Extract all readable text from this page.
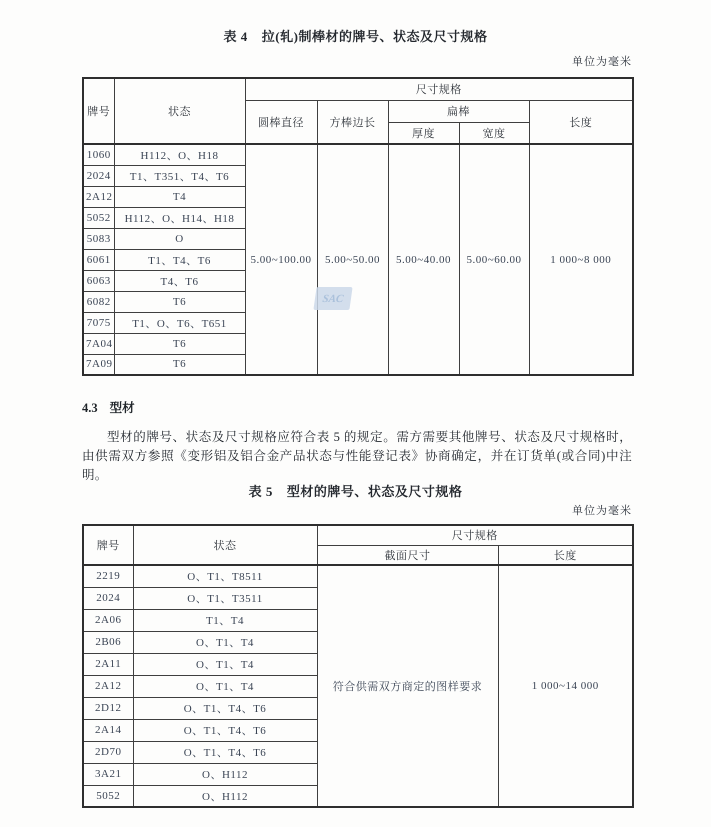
表 4 拉(轧)制棒材的牌号、状态及尺寸规格
单位为毫米
牌号	状态	尺寸规格				
		圆棒直径	方棒边长	扁棒		长度
				厚度	宽度	
1060	H112、O、H18	5.00~100.00	5.00~50.00	5.00~40.00	5.00~60.00	1 000~8 000
2024	T1、T351、T4、T6					
2A12	T4					
5052	H112、O、H14、H18					
5083	O					
6061	T1、T4、T6					
6063	T4、T6					
6082	T6					
7075	T1、O、T6、T651					
7A04	T6					
7A09	T6					
SAC
4.3 型材
型材的牌号、状态及尺寸规格应符合表 5 的规定。需方需要其他牌号、状态及尺寸规格时，由供需双方参照《变形铝及铝合金产品状态与性能登记表》协商确定，并在订货单(或合同)中注明。
表 5 型材的牌号、状态及尺寸规格
单位为毫米
牌号	状态	尺寸规格	
		截面尺寸	长度
2219	O、T1、T8511	符合供需双方商定的图样要求	1 000~14 000
2024	O、T1、T3511		
2A06	T1、T4		
2B06	O、T1、T4		
2A11	O、T1、T4		
2A12	O、T1、T4		
2D12	O、T1、T4、T6		
2A14	O、T1、T4、T6		
2D70	O、T1、T4、T6		
3A21	O、H112		
5052	O、H112		
